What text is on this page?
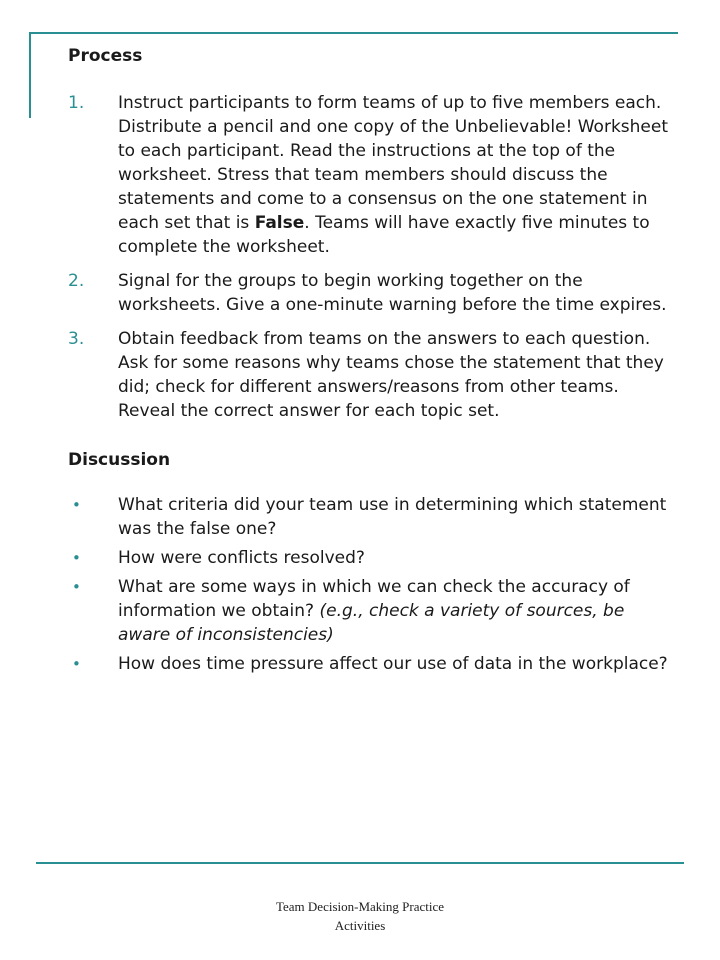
Process

1. Instruct participants to form teams of up to five members each. Distribute a pencil and one copy of the Unbelievable! Worksheet to each participant. Read the instructions at the top of the worksheet. Stress that team members should discuss the statements and come to a consensus on the one statement in each set that is False. Teams will have exactly five minutes to complete the worksheet.
2. Signal for the groups to begin working together on the worksheets. Give a one-minute warning before the time expires.
3. Obtain feedback from teams on the answers to each question. Ask for some reasons why teams chose the statement that they did; check for different answers/reasons from other teams. Reveal the correct answer for each topic set.

Discussion

• What criteria did your team use in determining which statement was the false one?
• How were conflicts resolved?
• What are some ways in which we can check the accuracy of information we obtain? (e.g., check a variety of sources, be aware of inconsistencies)
• How does time pressure affect our use of data in the workplace?
Team Decision-Making Practice
Activities
